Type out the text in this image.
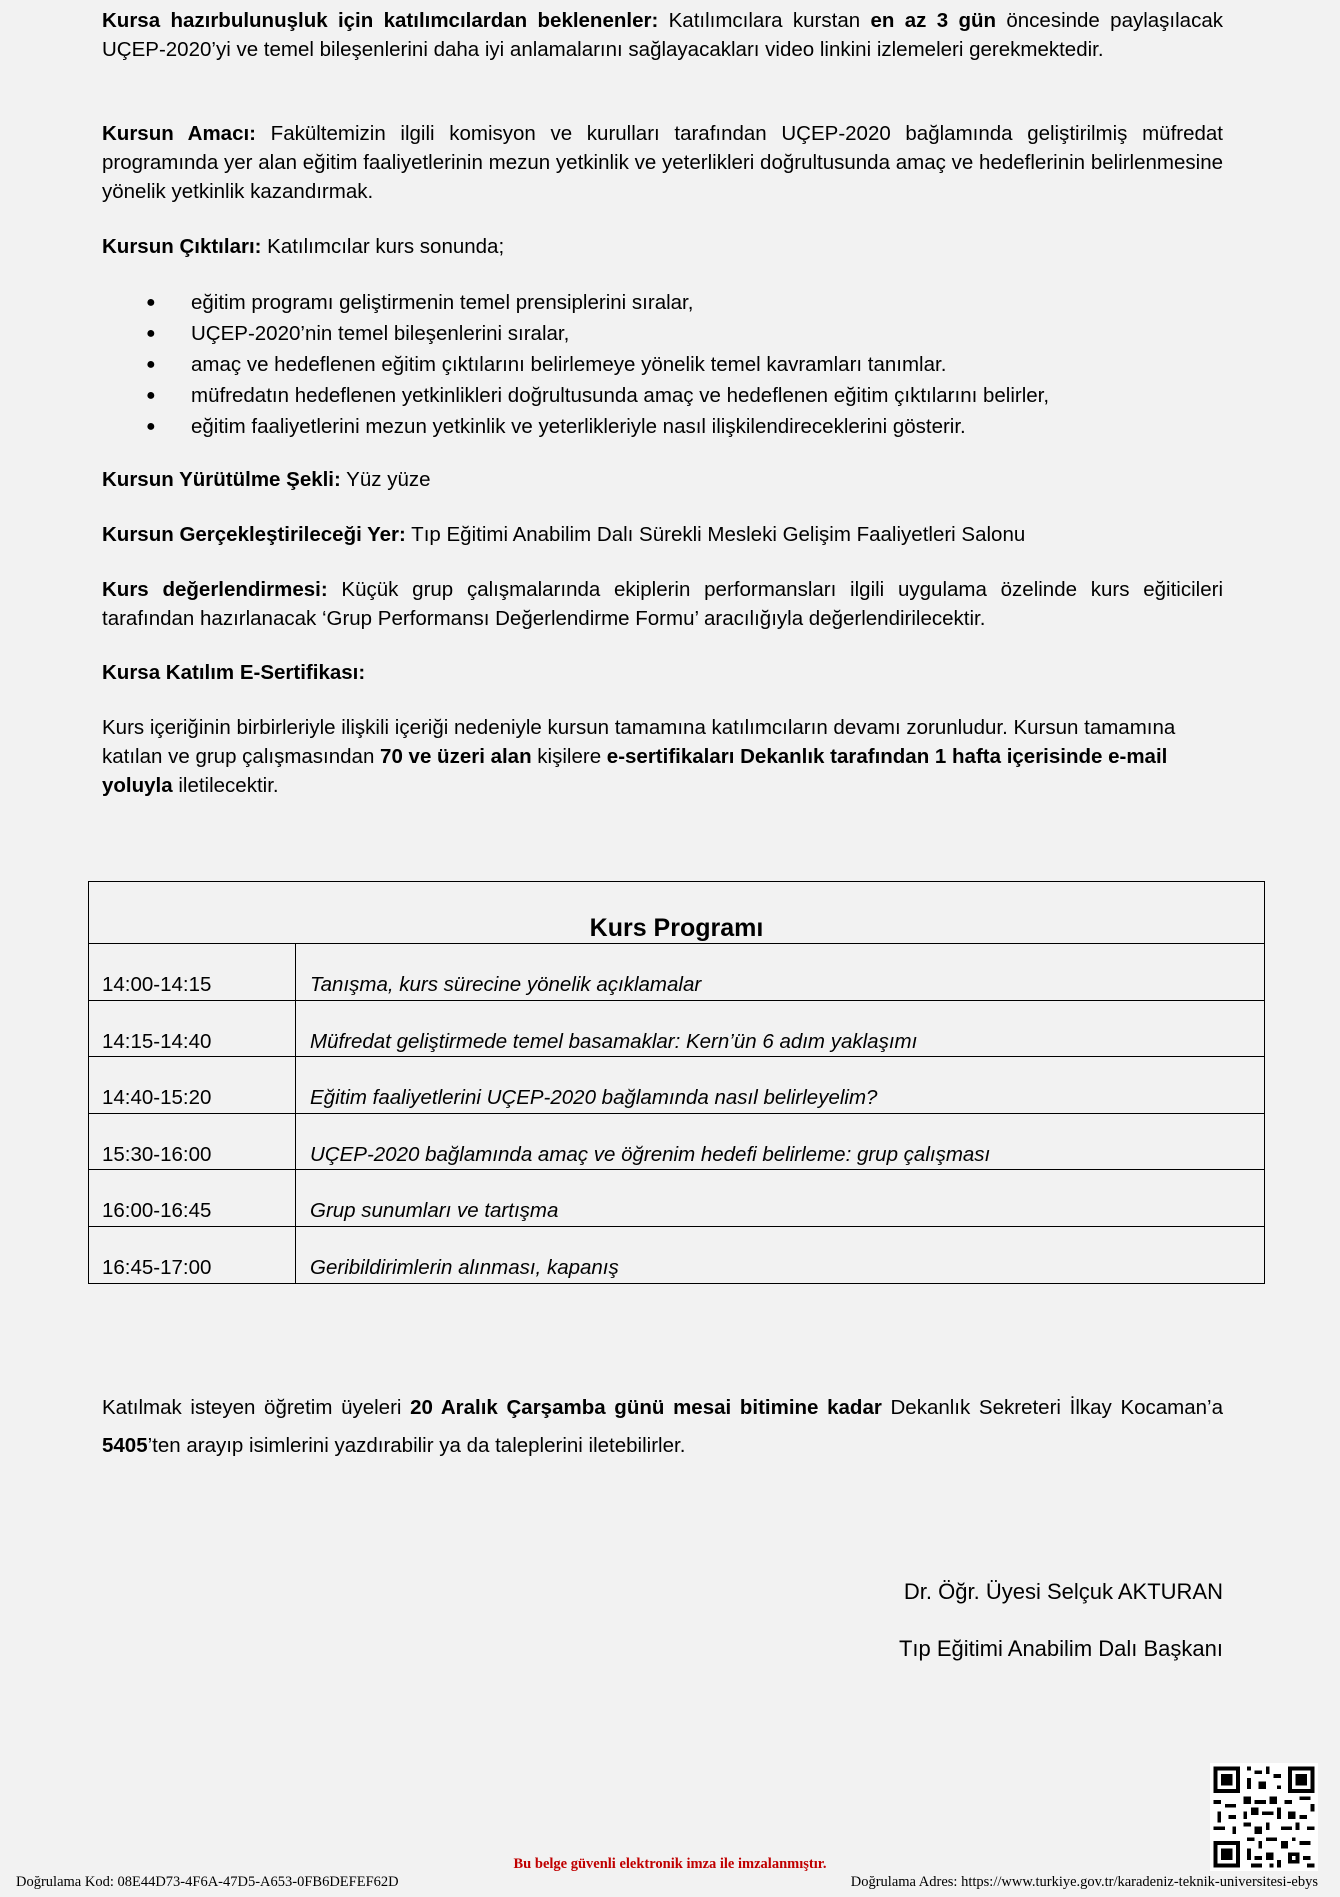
Kursa hazırbulunuşluk için katılımcılardan beklenenler: Katılımcılara kurstan en az 3 gün öncesinde paylaşılacak UÇEP-2020’yi ve temel bileşenlerini daha iyi anlamalarını sağlayacakları video linkini izlemeleri gerekmektedir.

Kursun Amacı: Fakültemizin ilgili komisyon ve kurulları tarafından UÇEP-2020 bağlamında geliştirilmiş müfredat programında yer alan eğitim faaliyetlerinin mezun yetkinlik ve yeterlikleri doğrultusunda amaç ve hedeflerinin belirlenmesine yönelik yetkinlik kazandırmak.

Kursun Çıktıları: Katılımcılar kurs sonunda;

● eğitim programı geliştirmenin temel prensiplerini sıralar,
● UÇEP-2020’nin temel bileşenlerini sıralar,
● amaç ve hedeflenen eğitim çıktılarını belirlemeye yönelik temel kavramları tanımlar.
● müfredatın hedeflenen yetkinlikleri doğrultusunda amaç ve hedeflenen eğitim çıktılarını belirler,
● eğitim faaliyetlerini mezun yetkinlik ve yeterlikleriyle nasıl ilişkilendireceklerini gösterir.

Kursun Yürütülme Şekli: Yüz yüze

Kursun Gerçekleştirileceği Yer: Tıp Eğitimi Anabilim Dalı Sürekli Mesleki Gelişim Faaliyetleri Salonu

Kurs değerlendirmesi: Küçük grup çalışmalarında ekiplerin performansları ilgili uygulama özelinde kurs eğiticileri tarafından hazırlanacak ‘Grup Performansı Değerlendirme Formu’ aracılığıyla değerlendirilecektir.

Kursa Katılım E-Sertifikası:

Kurs içeriğinin birbirleriyle ilişkili içeriği nedeniyle kursun tamamına katılımcıların devamı zorunludur. Kursun tamamına katılan ve grup çalışmasından 70 ve üzeri alan kişilere e-sertifikaları Dekanlık tarafından 1 hafta içerisinde e-mail yoluyla iletilecektir.

Kurs Programı
14:00-14:15	Tanışma, kurs sürecine yönelik açıklamalar
14:15-14:40	Müfredat geliştirmede temel basamaklar: Kern’ün 6 adım yaklaşımı
14:40-15:20	Eğitim faaliyetlerini UÇEP-2020 bağlamında nasıl belirleyelim?
15:30-16:00	UÇEP-2020 bağlamında amaç ve öğrenim hedefi belirleme: grup çalışması
16:00-16:45	Grup sunumları ve tartışma
16:45-17:00	Geribildirimlerin alınması, kapanış

Katılmak isteyen öğretim üyeleri 20 Aralık Çarşamba günü mesai bitimine kadar Dekanlık Sekreteri İlkay Kocaman’a 5405’ten arayıp isimlerini yazdırabilir ya da taleplerini iletebilirler.

Dr. Öğr. Üyesi Selçuk AKTURAN
Tıp Eğitimi Anabilim Dalı Başkanı
Bu belge güvenli elektronik imza ile imzalanmıştır.
Doğrulama Kod: 08E44D73-4F6A-47D5-A653-0FB6DEFEF62D	Doğrulama Adres: https://www.turkiye.gov.tr/karadeniz-teknik-universitesi-ebys
